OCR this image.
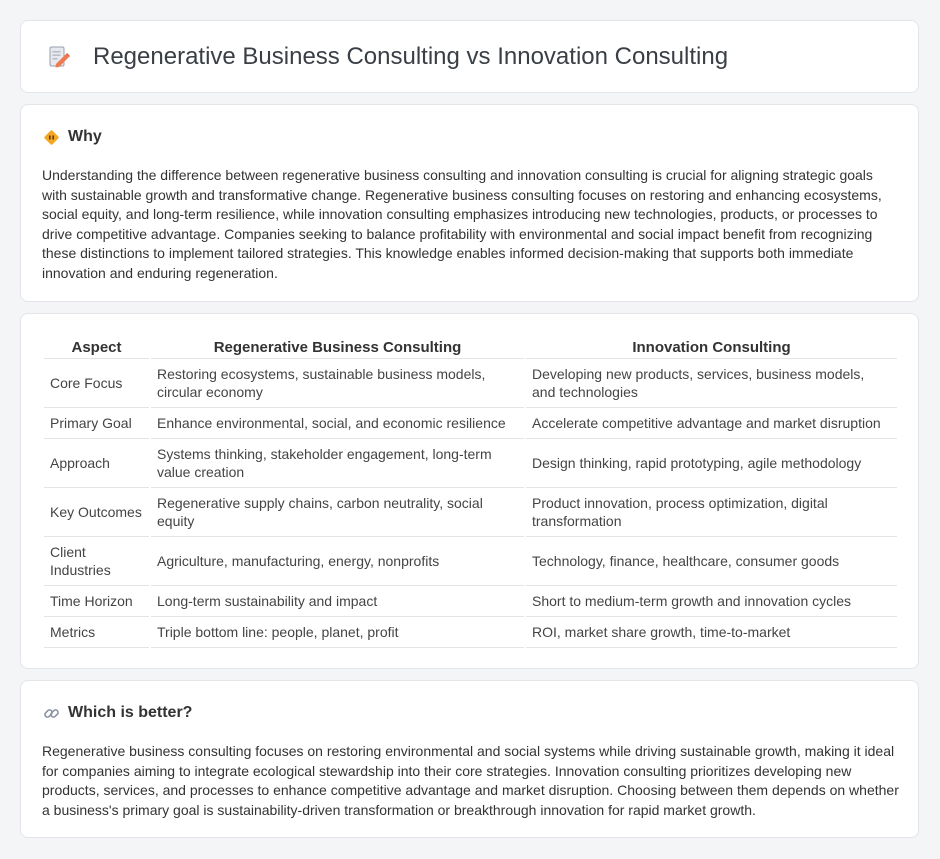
Regenerative Business Consulting vs Innovation Consulting
Why

Understanding the difference between regenerative business consulting and innovation consulting is crucial for aligning strategic goals with sustainable growth and transformative change. Regenerative business consulting focuses on restoring and enhancing ecosystems, social equity, and long-term resilience, while innovation consulting emphasizes introducing new technologies, products, or processes to drive competitive advantage. Companies seeking to balance profitability with environmental and social impact benefit from recognizing these distinctions to implement tailored strategies. This knowledge enables informed decision-making that supports both immediate innovation and enduring regeneration.

Aspect	Regenerative Business Consulting	Innovation Consulting
Core Focus	Restoring ecosystems, sustainable business models, circular economy	Developing new products, services, business models, and technologies
Primary Goal	Enhance environmental, social, and economic resilience	Accelerate competitive advantage and market disruption
Approach	Systems thinking, stakeholder engagement, long-term value creation	Design thinking, rapid prototyping, agile methodology
Key Outcomes	Regenerative supply chains, carbon neutrality, social equity	Product innovation, process optimization, digital transformation
Client Industries	Agriculture, manufacturing, energy, nonprofits	Technology, finance, healthcare, consumer goods
Time Horizon	Long-term sustainability and impact	Short to medium-term growth and innovation cycles
Metrics	Triple bottom line: people, planet, profit	ROI, market share growth, time-to-market
Which is better?

Regenerative business consulting focuses on restoring environmental and social systems while driving sustainable growth, making it ideal for companies aiming to integrate ecological stewardship into their core strategies. Innovation consulting prioritizes developing new products, services, and processes to enhance competitive advantage and market disruption. Choosing between them depends on whether a business's primary goal is sustainability-driven transformation or breakthrough innovation for rapid market growth.
